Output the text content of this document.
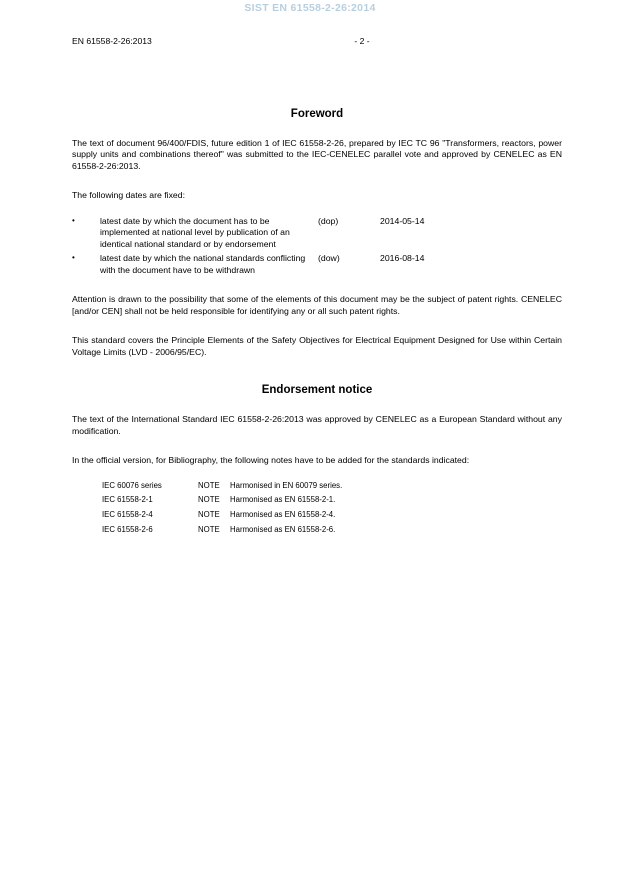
SIST EN 61558-2-26:2014
EN 61558-2-26:2013	- 2 -
Foreword

The text of document 96/400/FDIS, future edition 1 of IEC 61558-2-26, prepared by IEC TC 96 "Transformers, reactors, power supply units and combinations thereof" was submitted to the IEC-CENELEC parallel vote and approved by CENELEC as EN 61558-2-26:2013.

The following dates are fixed:

•	latest date by which the document has to be implemented at national level by publication of an identical national standard or by endorsement
(dop)	2014-05-14
•	latest date by which the national standards conflicting with the document have to be withdrawn
(dow)	2016-08-14

Attention is drawn to the possibility that some of the elements of this document may be the subject of patent rights. CENELEC [and/or CEN] shall not be held responsible for identifying any or all such patent rights.

This standard covers the Principle Elements of the Safety Objectives for Electrical Equipment Designed for Use within Certain Voltage Limits (LVD - 2006/95/EC).

Endorsement notice

The text of the International Standard IEC 61558-2-26:2013 was approved by CENELEC as a European Standard without any modification.

In the official version, for Bibliography, the following notes have to be added for the standards indicated:

IEC 60076 series	NOTE	Harmonised in EN 60079 series.
IEC 61558-2-1	NOTE	Harmonised as EN 61558-2-1.
IEC 61558-2-4	NOTE	Harmonised as EN 61558-2-4.
IEC 61558-2-6	NOTE	Harmonised as EN 61558-2-6.
